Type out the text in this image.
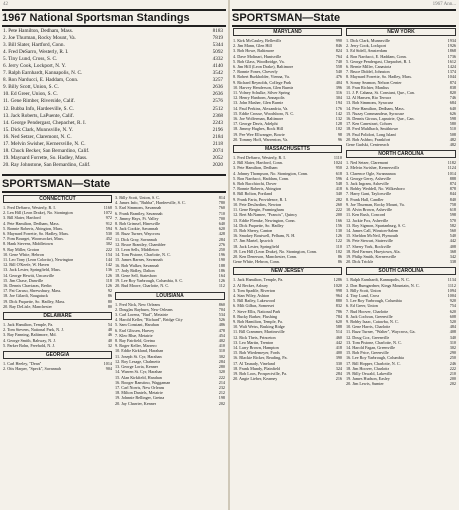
42
1967 National Sportsman Standings
1. Pete Hamilton, Dedham, Mass.	8183
2. Joe Thurman, Rocky Mount, Va.	7819
3. Bill Slater, Hartford, Conn.	5344
4. Fred DeSarro, Westerly, R. I.	5092
5. Tiny Lund, Cross, S. C.	4332
6. Jerry Cook, Lockport, N. Y.	4140
7. Ralph Earnhardt, Kannapolis, N. C.	3542
8. Ron Narducci, E. Haddam, Conn.	3257
9. Billy Scott, Union, S. C.	2636
10. Ed Greer, Union, S. C.	2636
11. Gene Rimber, Riverside, Calif.	2576
12. Bubba Info, Hardeeville, S. C.	2512
13. Jack Roberts, LaPuente, Calif.	2368
14. George Pendergast, Chepachet, R. I.	2243
15. Dick Clark, Munnsville, N. Y.	2196
16. Ned Setzer, Claremont, N. C.	2184
17. Melvin Swisher, Kernersville, N. C.	2118
18. Chuck Becker, San Bernardino, Calif.	2074
19. Maynard Forrette, So. Hadley, Mass.	2052
20. Ray Johnstone, San Bernardino, Calif.	2020
SPORTSMAN—State
CONNECTICUT
1. Fred DeSarro, Westerly, R. I.	1168
2. Len Hill (Leon Drake), No. Stonington	1072
3. Bill Slater, Hartford	972
4. Pete Hamilton, Dedham, Mass.	912
5. Ronnie Roberts, Abington, Mass.	594
6. Maynard Forrette, So. Hadley, Mass.	530
7. Fom Bourget, Woonsocket, Mass.	452
8. Hank Stevens, Middletown	302
9. Ray Miller, Groton	222
10. Gene White, Hebron	154
11. Leo Tony (Leon Colorito), Newington	144
12. Bill O'Keefe, W. Haven	142
13. Jack Lester, Springfield, Mass.	136
14. George Hewitt, Uncasville	126
15. Jim Chase, Danville	118
16. Dennis Chaviaras, Berlin	126
17. Pat Caruso, Shrewsbury, Mass.	92
18. Joe Gilardi, Naugatuck	86
19. Dick Paquette, So. Hadley, Mass.	80
20. Ray DeLisle, Manchester	80
DELAWARE
1. Jack Hamilton, Temple, Pa.	54
2. Tom Stevens, National Park, N. J.	48
3. Ray Fanning, Baltimore, Md.	46
4. George Smith, Rahway, N. J.	40
5. Parker Bohn, Freehold, N. J.	32
GEORGIA
1. Carl Heeley, "Dean"	1014
2. Otis Harper, "Speck", Savannah	904
3. Billy Scott, Union, S. C.	814
4. James Info, "Bubba", Hardeeville, S. C.	780
5. Earl Simmons, Savannah	760
6. Frank Brantley, Savannah	710
7. Jimmy Hays, Ft. Valley	700
8. Bob Grimsel, Hinesville	640
9. Jack Cookie, Savannah	620
10. Buzz Turner, Waycross	428
11. Dick Gray, Savannah	284
12. Bruce Brantley, Chamblee	276
13. Leon Sells, Middleton	250
14. Tom Pistone, Charlotte, N. C.	196
15. James Barnes, Savannah	190
16. Bob Walker, Savannah	188
17. Jody Ridley, Dalton	186
18. Gene Sell, Statesboro	164
19. Lee Roy Yarbrough, Columbia, S. C.	126
20. Bud Moore, Charlotte, N. C.	112
LOUISIANA
1. Fred Nick, New Orleans	860
2. Douglas Rayburn, New Orleans	704
3. Carl Lorenz, "Bud", Metairie	534
4. Harold Keller, "Richard", Bridge City	526
5. Sam Constant, Harahan	486
6. Earl Glissen, Harvey	478
7. Kleo Blue, Metairie	454
8. Ray Fairfield, Gretna	402
9. Roger Keller, Marrero	410
10. Eddie Kirkland, Harahan	310
11. Joseph St. Cyr, Harahan	302
12. Roy Lesage, Chalmette	284
13. George Loria, Kenner	280
14. Warren St. Cyr, Harahan	320
15. Alan Kirkfield, Harahan	222
16. Booger Ranstino, Waggaman	214
17. Carl Norris, New Orleans	232
18. Milton Daniels, Metairie	212
19. Johnnie Bellinger, Gretna	198
20. Jay Charrier, Kenner	202
1967 Ann...
SPORTSMAN—State
MARYLAND
1. Kirk McCauley, Belleville	990
2. Jim Mann, Glen Hill	846
3. Bob Howe, Baltimore	824
4. Dave Molinari, Huntsville	764
5. Bob Glass, Woodbridge, Va.	740
6. Jim Hill (Leon Drake), Baltimore	558
7. Ronnie Fones, Cheverly	540
8. Robert Burkholder, Vienna, Va.	476
9. Richard Reynolds, College Park	404
10. Harvey Henderson, Glen Burnie	396
11. Volney Schulke, Silver Spring	316
12. Henry Hanborn, Annapolis	304
13. John Masher, Glen Burnie	194
14. Paul Perkins, Alexandria, Va.	176
15. Eddie Crouse, Woodsboro, N. C.	142
16. Joe Wolferman, Baltimore	132
17. George Davis, Adelphi	128
18. Jimmy Hughes, Rock Hill	102
19. Pee Wee Ellwanger, Bowie	98
20. Tommy Hoff, Warrenton, Va.	96
MASSACHUSETTS
1. Fred DeSarro, Westerly, R. I.	1110
2. Bill Slater, Hartford, Conn.	1024
3. Pete Hamilton, Dedham	950
4. Johnny Thompson, No. Stonington, Conn.	618
5. Ron Narducci, Haddam, Conn.	596
6. Bob Bacchiochi, Dover	548
7. Ronnie Roberts, Abington	418
8. Bill Bolton, Portland	340
9. Frank Faria, Providence, R. I.	282
10. Pete DesJardins, Newton	260
11. Gene Bergin, Framingham	222
12. Bert McNamee, "Francis", Quincy	200
13. Eddie Flemke, Newington, Conn.	166
14. Dick Paquette, So. Hadley	156
15. Bob Sherry, Canton	130
16. Smokey Boutwell, Pelham, N. H.	126
17. Jim Martel, Ipswich	122
18. Jack Lester, Springfield	110
19. Len Hill (Leon Drake), No. Stonington, Conn.	102
20. Ken Denerson, Manchester, Conn.	86
Gene White, Hebron, Conn.	86
NEW JERSEY
1. Jack Hamilton, Temple, Pa.	1286
2. Al Becker, Asbury	1020
3. Tom Spadile, Riverton	998
4. Stan Wiley, Ashton	964
5. Bill Bailey, Lakewood	880
6. Milt Gilbas, Somerset	832
7. Steve Ellis, National Park	786
8. Bucky Barker, Flushing	784
9. Bob Hamilton, Temple, Pa.	620
10. Walt Weiss, Basking Ridge	588
11. Bill Crammer, Martinsville	514
12. Rick Theis, Princeton	460
13. Leo Martin, Trenton	442
14. Larry Brown, Hampton	418
15. Bob Wiedemeyer, Fords	400
16. Blackie Ricker, Reading, Pa.	390
17. Al Tasnady, Vineland	330
18. Frank Mundy, Plainfield	324
19. Bob Loos, Prospectville, Pa.	284
20. Angie Lieber, Kearney	216
NEW YORK
1. Dick Clark, Munnsville	1934
2. Jerry Cook, Lockport	1926
3. Ed Sidell, Amsterdam	1868
4. Ron Narducci, E. Haddam, Conn.	1736
5. George Pendergast, Chepachet, R. I.	1612
6. Bernie Miller, Canastota	1424
7. Bruce Diddel, Johnston	1374
8. Maynard Forrette, So. Hadley, Mass.	1044
9. Sonny Seamon, Nelson Center	874
10. Fran Richter, Manlius	838
11. J. P. Cabana, St. Constant, Que., Can.	820
12. Al Hansen, Rio Terrace	746
13. Bob Simmons, Syracuse	684
14. Pete Hamilton, Dedham, Mass.	640
15. Nuzzy Commandeur, Syracuse	626
16. Dennis Giroux, Laprairie, Que., Can.	598
17. Ken Canestrari, Cohoes	580
18. Fred Muhlbach, Smithtown	510
19. Paul Polidori, Long Island	508
20. Bob Ashbro, Frankfort	482
Gene Gudski, Centereach	482
NORTH CAROLINA
1. Ned Setzer, Claremont	1182
2. Melvin Swisher, Kernersville	1124
3. Clarence Ogle, Swannanoa	1014
4. George Gerry, Asheville	888
5. Jack Ingram, Asheville	874
6. Bobby Weddell, No. Wilkesboro	878
7. Harry Gant, Taylorsville	844
8. Frank Hall, Candler	840
9. Joe Thurman, Rocky Mount, Va.	758
10. Alvin Brown, Asheville	618
11. Ken Rush, Concord	598
12. Jackie Fox, Asheville	570
13. Roy Sigmon, Spartanburg, S. C.	582
14. James Call, Winston-Salem	560
15. Sheldon McNeil, Plymouth	540
16. Pete Stewart, Statesville	442
17. Sherry York, Rockville	408
18. Red Farmer, Hueytown, Ala.	368
19. Philip Smith, Kernersville	342
20. Dick Trickle	338
SOUTH CAROLINA
1. Ralph Earnhardt, Kannapolis, N. C.	1134
2. Don Bumgardner, Kings Mountain, N. C.	1112
3. Billy Scott, Union	1094
4. Tiny Lund, Cross	1004
5. Lee Roy Yarbrough, Columbia	920
6. Ed Greer, Union	754
7. Bud Hoover, Charlotte	620
8. Jack Cochran, Greenville	608
9. Bobby Isaac, Catawba, N. C.	520
10. Gene Harris, Charlotte	484
11. Buzz Turner, "Walter", Waycross, Ga.	408
12. Doug Cox, Greenville	340
13. Tom Pistone, Charlotte, N. C.	310
14. Harold Fagan, Greenville	302
15. Bob Price, Greenville	290
16. Lee Roy Yarbrough, Columbia	250
17. Bill Hopper, Charlotte, N. C.	246
18. Jim Hoover, Charlotte	222
19. Billy Oswald, Lakeville	210
19. James Hudson, Easley	200
20. Jim Lewis, Sumter	202
